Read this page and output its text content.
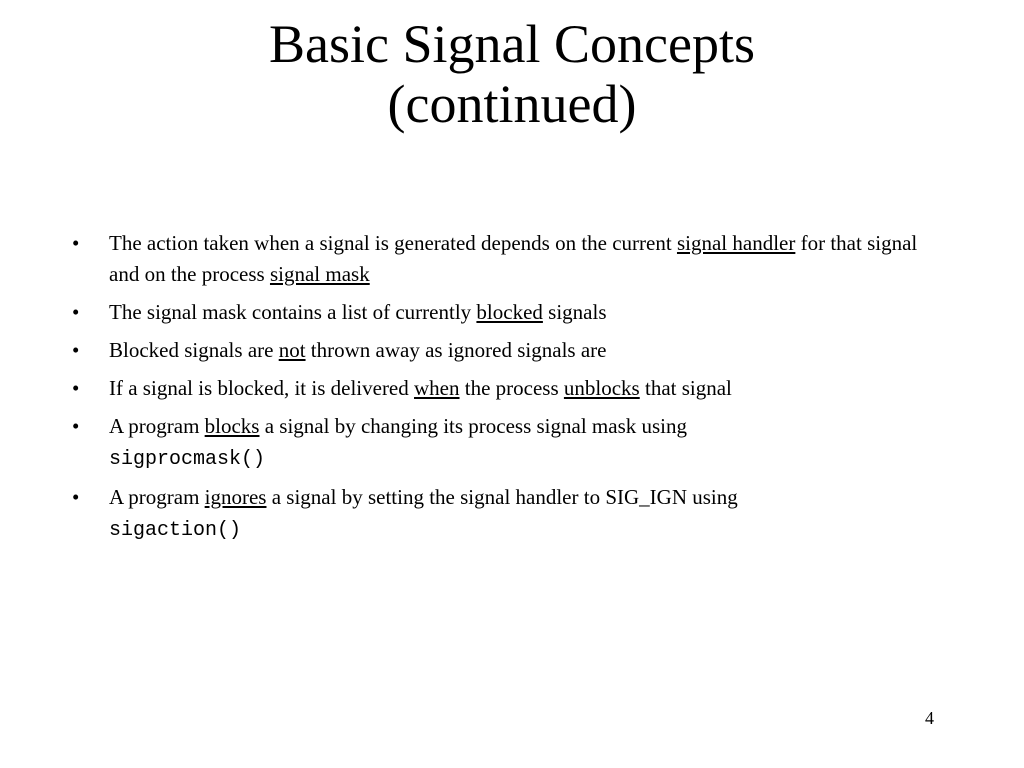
Basic Signal Concepts
(continued)
•	The action taken when a signal is generated depends on the current signal handler for that signal and on the process signal mask
•	The signal mask contains a list of currently blocked signals
•	Blocked signals are not thrown away as ignored signals are
•	If a signal is blocked, it is delivered when the process unblocks that signal
•	A program blocks a signal by changing its process signal mask using
sigprocmask()
•	A program ignores a signal by setting the signal handler to SIG_IGN using
sigaction()
4
